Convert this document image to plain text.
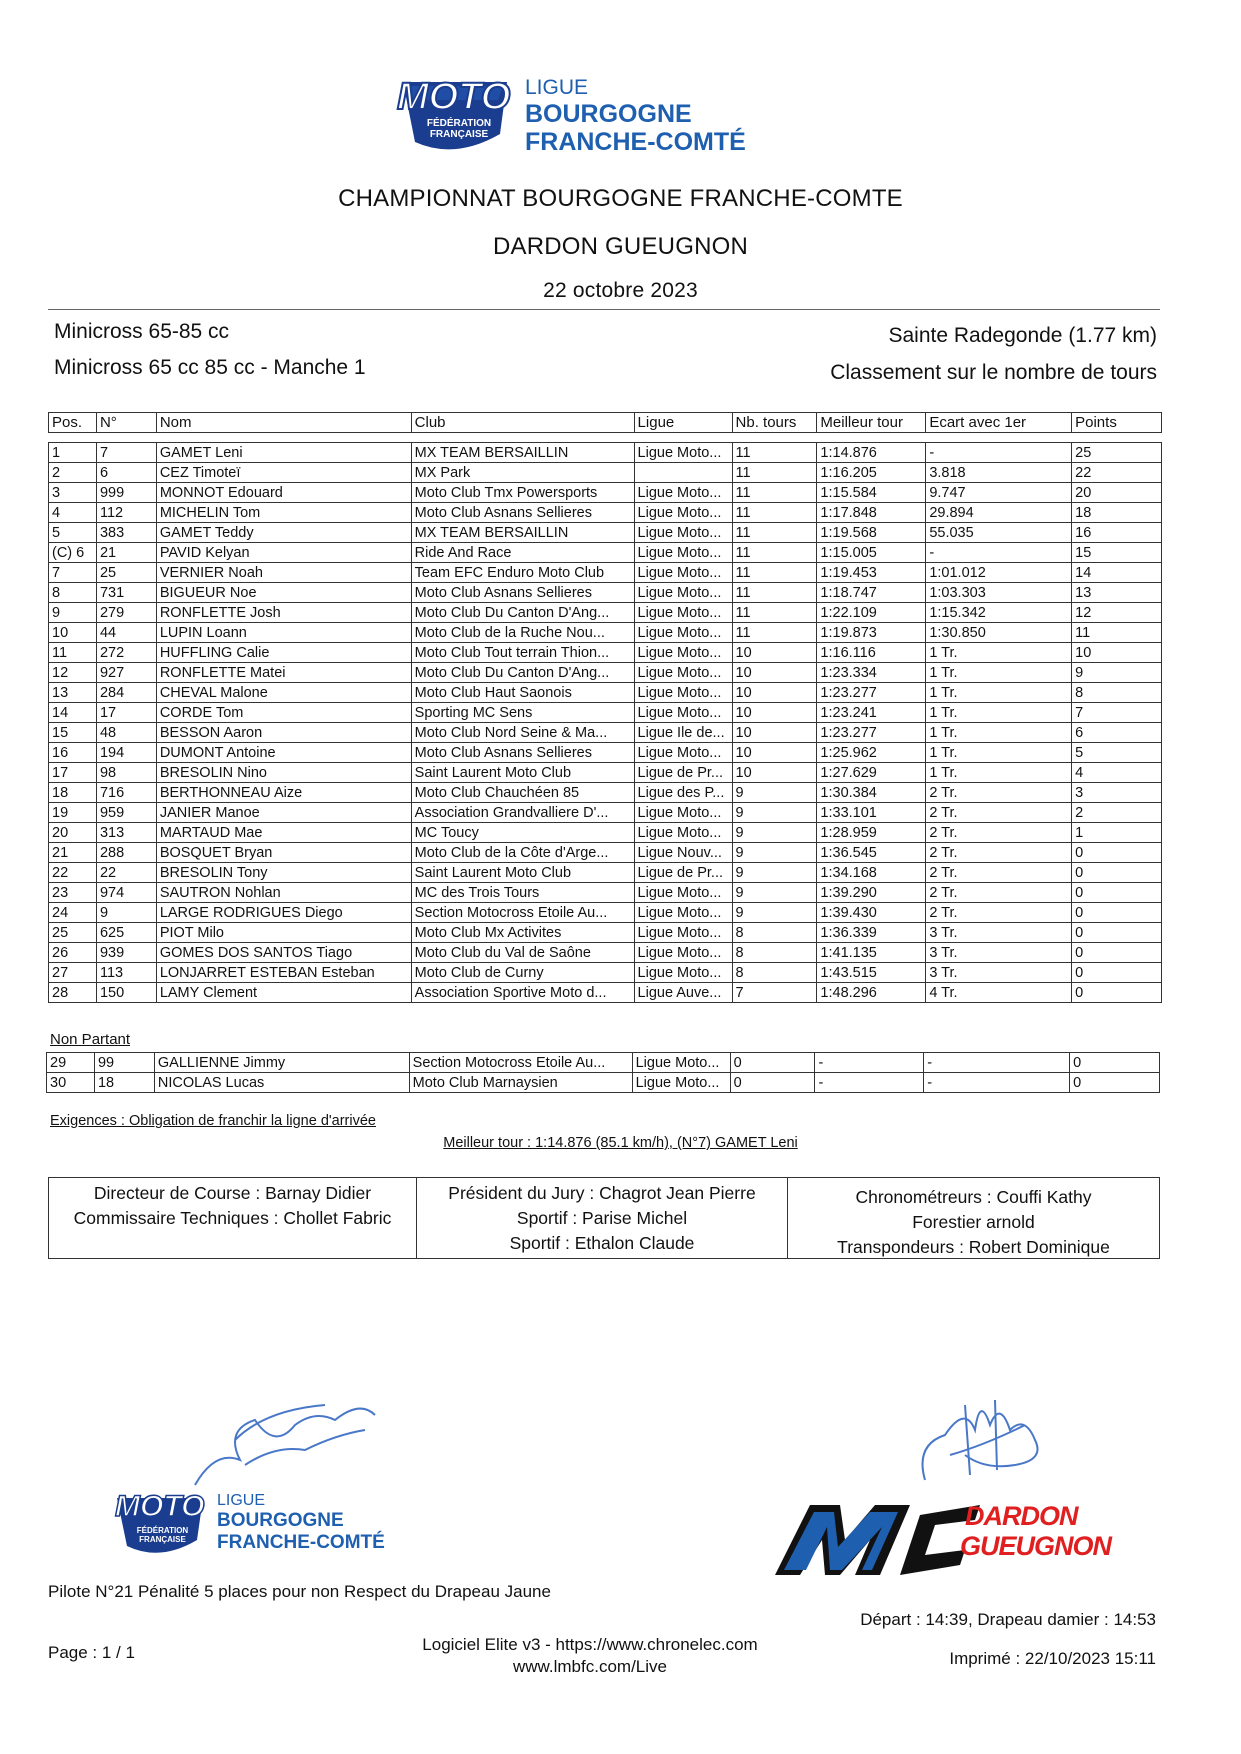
MOTO
FÉDÉRATION FRANÇAISE
LIGUE
BOURGOGNE
FRANCHE-COMTÉ
CHAMPIONNAT BOURGOGNE FRANCHE-COMTE
DARDON GUEUGNON
22 octobre 2023
Minicross 65-85 cc
Minicross 65 cc 85 cc - Manche 1
Sainte Radegonde (1.77 km)
Classement sur le nombre de tours
Pos.	N°	Nom	Club	Ligue	Nb. tours	Meilleur tour	Ecart avec 1er	Points

1	7	GAMET Leni	MX TEAM BERSAILLIN	Ligue Moto...	11	1:14.876	-	25
2	6	CEZ Timoteï	MX Park		11	1:16.205	3.818	22
3	999	MONNOT Edouard	Moto Club Tmx Powersports	Ligue Moto...	11	1:15.584	9.747	20
4	112	MICHELIN Tom	Moto Club Asnans Sellieres	Ligue Moto...	11	1:17.848	29.894	18
5	383	GAMET Teddy	MX TEAM BERSAILLIN	Ligue Moto...	11	1:19.568	55.035	16
(C) 6	21	PAVID Kelyan	Ride And Race	Ligue Moto...	11	1:15.005	-	15
7	25	VERNIER Noah	Team EFC Enduro Moto Club	Ligue Moto...	11	1:19.453	1:01.012	14
8	731	BIGUEUR Noe	Moto Club Asnans Sellieres	Ligue Moto...	11	1:18.747	1:03.303	13
9	279	RONFLETTE Josh	Moto Club Du Canton D'Ang...	Ligue Moto...	11	1:22.109	1:15.342	12
10	44	LUPIN Loann	Moto Club de la Ruche Nou...	Ligue Moto...	11	1:19.873	1:30.850	11
11	272	HUFFLING Calie	Moto Club Tout terrain Thion...	Ligue Moto...	10	1:16.116	1 Tr.	10
12	927	RONFLETTE Matei	Moto Club Du Canton D'Ang...	Ligue Moto...	10	1:23.334	1 Tr.	9
13	284	CHEVAL Malone	Moto Club Haut Saonois	Ligue Moto...	10	1:23.277	1 Tr.	8
14	17	CORDE Tom	Sporting MC Sens	Ligue Moto...	10	1:23.241	1 Tr.	7
15	48	BESSON Aaron	Moto Club Nord Seine & Ma...	Ligue Ile de...	10	1:23.277	1 Tr.	6
16	194	DUMONT Antoine	Moto Club Asnans Sellieres	Ligue Moto...	10	1:25.962	1 Tr.	5
17	98	BRESOLIN Nino	Saint Laurent Moto Club	Ligue de Pr...	10	1:27.629	1 Tr.	4
18	716	BERTHONNEAU Aize	Moto Club Chauchéen 85	Ligue des P...	9	1:30.384	2 Tr.	3
19	959	JANIER Manoe	Association Grandvalliere D'...	Ligue Moto...	9	1:33.101	2 Tr.	2
20	313	MARTAUD Mae	MC Toucy	Ligue Moto...	9	1:28.959	2 Tr.	1
21	288	BOSQUET Bryan	Moto Club de la Côte d'Arge...	Ligue Nouv...	9	1:36.545	2 Tr.	0
22	22	BRESOLIN Tony	Saint Laurent Moto Club	Ligue de Pr...	9	1:34.168	2 Tr.	0
23	974	SAUTRON Nohlan	MC des Trois Tours	Ligue Moto...	9	1:39.290	2 Tr.	0
24	9	LARGE RODRIGUES Diego	Section Motocross Etoile Au...	Ligue Moto...	9	1:39.430	2 Tr.	0
25	625	PIOT Milo	Moto Club Mx Activites	Ligue Moto...	8	1:36.339	3 Tr.	0
26	939	GOMES DOS SANTOS Tiago	Moto Club du Val de Saône	Ligue Moto...	8	1:41.135	3 Tr.	0
27	113	LONJARRET ESTEBAN Esteban	Moto Club de Curny	Ligue Moto...	8	1:43.515	3 Tr.	0
28	150	LAMY Clement	Association Sportive Moto d...	Ligue Auve...	7	1:48.296	4 Tr.	0
Non Partant
29	99	GALLIENNE Jimmy	Section Motocross Etoile Au...	Ligue Moto...	0	-	-	0
30	18	NICOLAS Lucas	Moto Club Marnaysien	Ligue Moto...	0	-	-	0
Exigences : Obligation de franchir la ligne d'arrivée
Meilleur tour : 1:14.876 (85.1 km/h), (N°7) GAMET Leni
Directeur de Course : Barnay Didier
Commissaire Techniques : Chollet Fabric
Président du Jury : Chagrot Jean Pierre
Sportif : Parise Michel
Sportif : Ethalon Claude
Chronométreurs : Couffi Kathy
Forestier arnold
Transpondeurs : Robert Dominique
MOTO
FÉDÉRATION FRANÇAISE
LIGUE
BOURGOGNE
FRANCHE-COMTÉ
DARDON
GUEUGNON
Pilote N°21 Pénalité 5 places pour non Respect du Drapeau Jaune
Départ : 14:39, Drapeau damier : 14:53
Page : 1 / 1	Logiciel Elite v3 - https://www.chronelec.com
www.lmbfc.com/Live	Imprimé : 22/10/2023 15:11
